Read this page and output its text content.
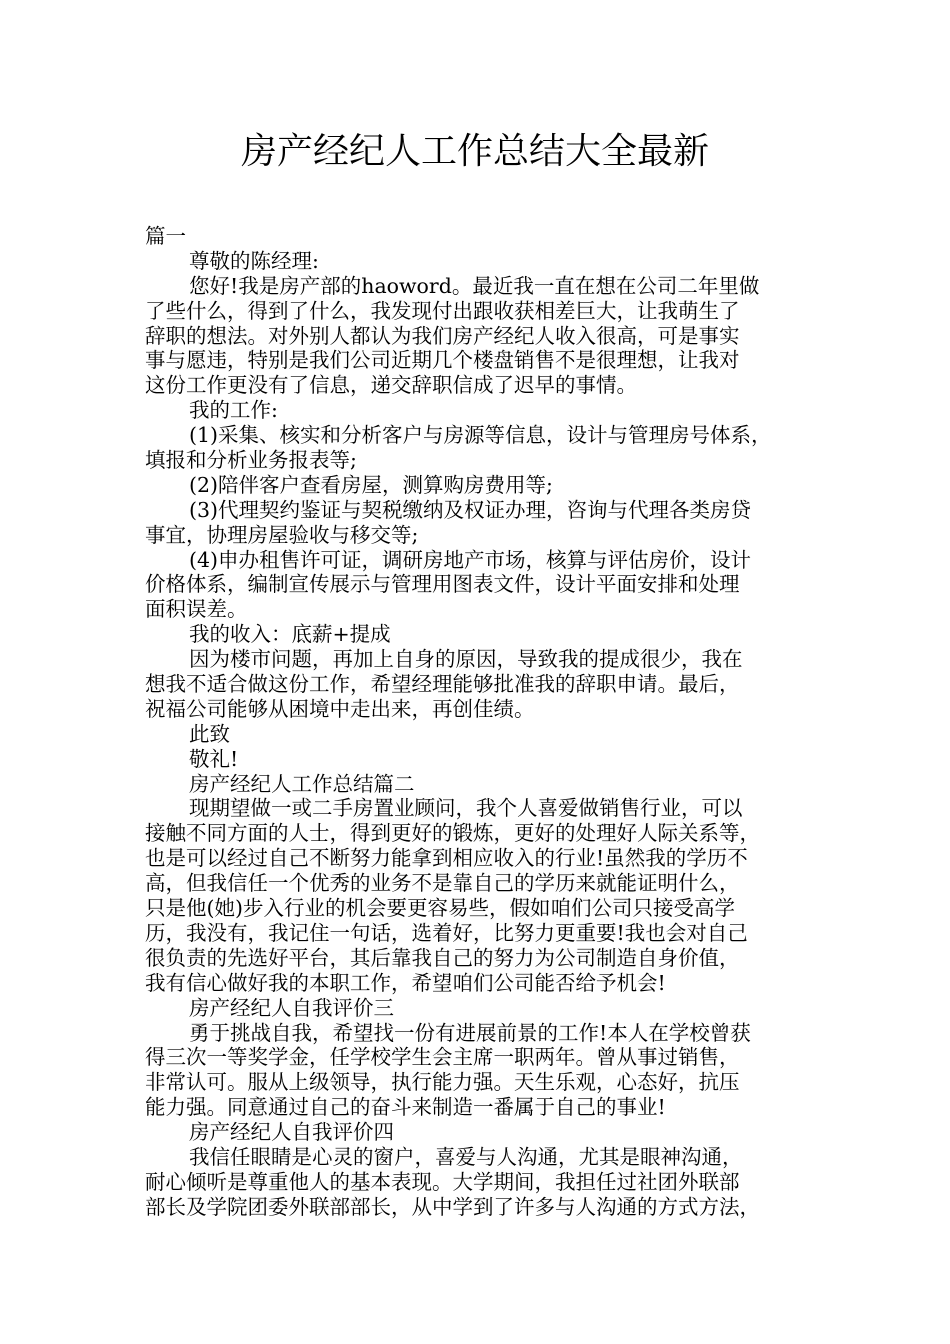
房产经纪人工作总结大全最新
篇一
尊敬的陈经理:
您好!我是房产部的haoword。最近我一直在想在公司二年里做
了些什么，得到了什么，我发现付出跟收获相差巨大，让我萌生了
辞职的想法。对外别人都认为我们房产经纪人收入很高，可是事实
事与愿违，特别是我们公司近期几个楼盘销售不是很理想，让我对
这份工作更没有了信息，递交辞职信成了迟早的事情。
我的工作:
(1)采集、核实和分析客户与房源等信息，设计与管理房号体系，
填报和分析业务报表等;
(2)陪伴客户查看房屋，测算购房费用等;
(3)代理契约鉴证与契税缴纳及权证办理，咨询与代理各类房贷
事宜，协理房屋验收与移交等;
(4)申办租售许可证，调研房地产市场，核算与评估房价，设计
价格体系，编制宣传展示与管理用图表文件，设计平面安排和处理
面积误差。
我的收入：底薪+提成
因为楼市问题，再加上自身的原因，导致我的提成很少，我在
想我不适合做这份工作，希望经理能够批准我的辞职申请。最后，
祝福公司能够从困境中走出来，再创佳绩。
此致
敬礼!
房产经纪人工作总结篇二
现期望做一或二手房置业顾问，我个人喜爱做销售行业，可以
接触不同方面的人士，得到更好的锻炼，更好的处理好人际关系等，
也是可以经过自己不断努力能拿到相应收入的行业!虽然我的学历不
高，但我信任一个优秀的业务不是靠自己的学历来就能证明什么，
只是他(她)步入行业的机会要更容易些，假如咱们公司只接受高学
历，我没有，我记住一句话，选着好，比努力更重要!我也会对自己
很负责的先选好平台，其后靠我自己的努力为公司制造自身价值，
我有信心做好我的本职工作，希望咱们公司能否给予机会!
房产经纪人自我评价三
勇于挑战自我，希望找一份有进展前景的工作!本人在学校曾获
得三次一等奖学金，任学校学生会主席一职两年。曾从事过销售，
非常认可。服从上级领导，执行能力强。天生乐观，心态好，抗压
能力强。同意通过自己的奋斗来制造一番属于自己的事业!
房产经纪人自我评价四
我信任眼睛是心灵的窗户，喜爱与人沟通，尤其是眼神沟通，
耐心倾听是尊重他人的基本表现。大学期间，我担任过社团外联部
部长及学院团委外联部部长，从中学到了许多与人沟通的方式方法，
